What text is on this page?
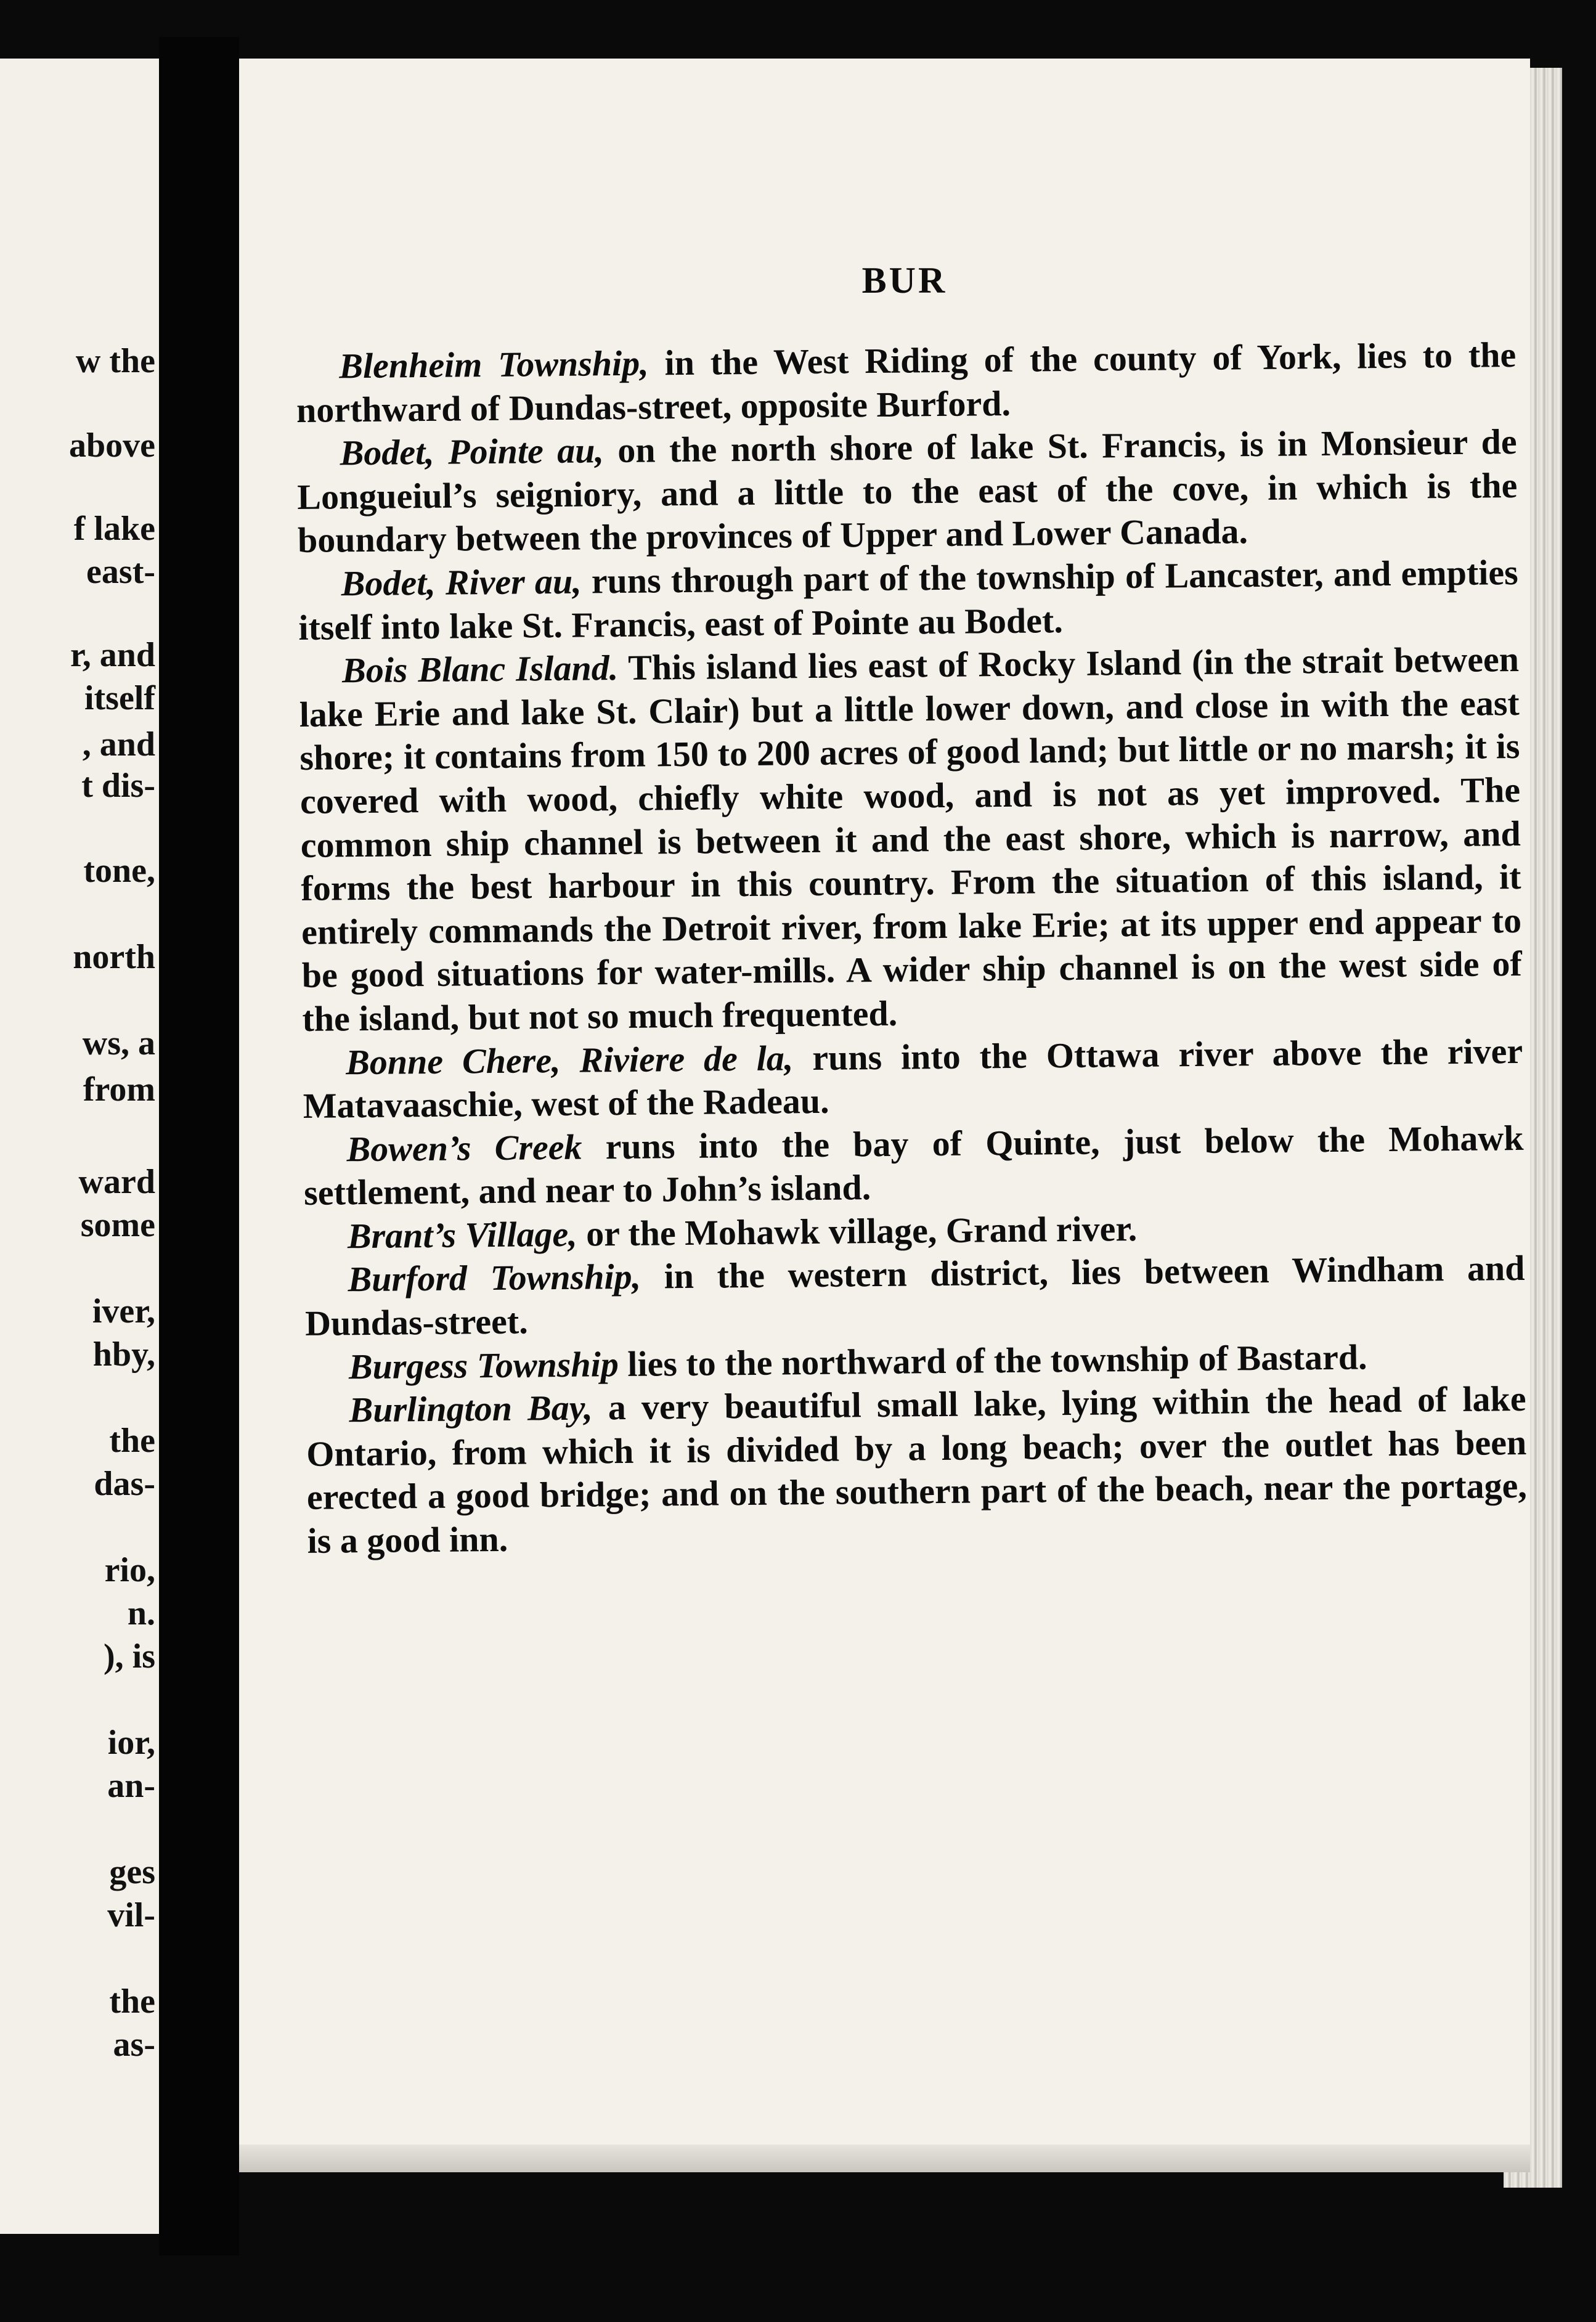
w the
above
f lake
east-
r, and
itself
, and
t dis-
tone,
north
ws, a
from
ward
some
iver,
hby,
the
das-
rio,
n.
), is
ior,
an-
ges
vil-
the
as-
BUR

Blenheim Township, in the West Riding of the county of York, lies to the northward of Dundas-street, opposite Burford.

Bodet, Pointe au, on the north shore of lake St. Francis, is in Monsieur de Longueiul’s seigniory, and a little to the east of the cove, in which is the boundary between the provinces of Upper and Lower Canada.

Bodet, River au, runs through part of the township of Lancaster, and empties itself into lake St. Francis, east of Pointe au Bodet.

Bois Blanc Island. This island lies east of Rocky Island (in the strait between lake Erie and lake St. Clair) but a little lower down, and close in with the east shore; it contains from 150 to 200 acres of good land; but little or no marsh; it is covered with wood, chiefly white wood, and is not as yet improved. The common ship channel is between it and the east shore, which is narrow, and forms the best harbour in this country. From the situation of this island, it entirely commands the Detroit river, from lake Erie; at its upper end appear to be good situations for water-mills. A wider ship channel is on the west side of the island, but not so much frequented.

Bonne Chere, Riviere de la, runs into the Ottawa river above the river Matavaaschie, west of the Radeau.

Bowen’s Creek runs into the bay of Quinte, just below the Mohawk settlement, and near to John’s island.

Brant’s Village, or the Mohawk village, Grand river.

Burford Township, in the western district, lies between Windham and Dundas-street.

Burgess Township lies to the northward of the township of Bastard.

Burlington Bay, a very beautiful small lake, lying within the head of lake Ontario, from which it is divided by a long beach; over the outlet has been erected a good bridge; and on the southern part of the beach, near the portage, is a good inn.
